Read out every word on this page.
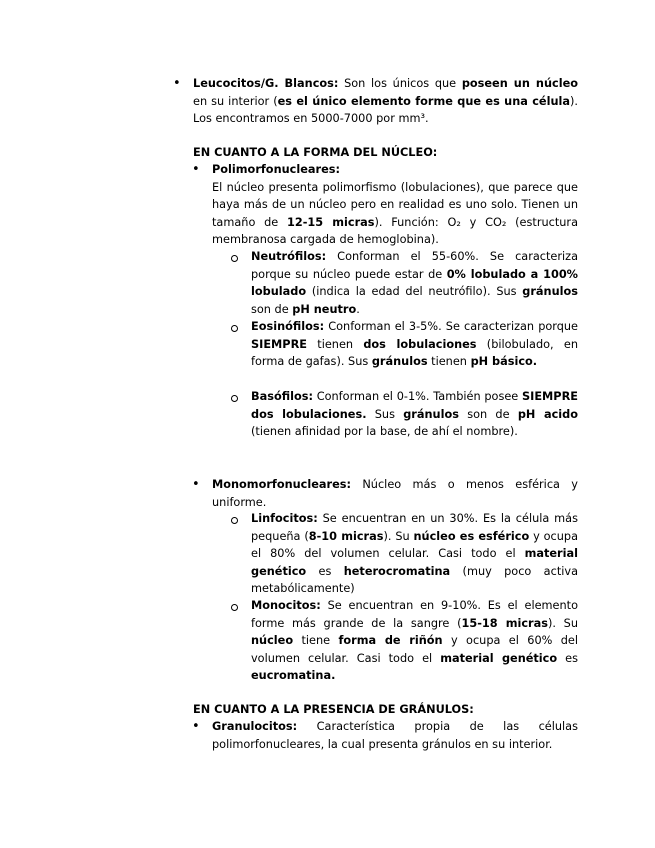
• Leucocitos/G. Blancos: Son los únicos que poseen un núcleo en su interior (es el único elemento forme que es una célula). Los encontramos en 5000-7000 por mm³.
EN CUANTO A LA FORMA DEL NÚCLEO:
• Polimorfonucleares:
El núcleo presenta polimorfismo (lobulaciones), que parece que haya más de un núcleo pero en realidad es uno solo. Tienen un tamaño de 12-15 micras). Función: O₂ y CO₂ (estructura membranosa cargada de hemoglobina).
Neutrófilos: Conforman el 55-60%. Se caracteriza porque su núcleo puede estar de 0% lobulado a 100% lobulado (indica la edad del neutrófilo). Sus gránulos son de pH neutro.
Eosinófilos: Conforman el 3-5%. Se caracterizan porque SIEMPRE tienen dos lobulaciones (bilobulado, en forma de gafas). Sus gránulos tienen pH básico.
Basófilos: Conforman el 0-1%. También posee SIEMPRE dos lobulaciones. Sus gránulos son de pH acido (tienen afinidad por la base, de ahí el nombre).
• Monomorfonucleares: Núcleo más o menos esférica y uniforme.
Linfocitos: Se encuentran en un 30%. Es la célula más pequeña (8-10 micras). Su núcleo es esférico y ocupa el 80% del volumen celular. Casi todo el material genético es heterocromatina (muy poco activa metabólicamente)
Monocitos: Se encuentran en 9-10%. Es el elemento forme más grande de la sangre (15-18 micras). Su núcleo tiene forma de riñón y ocupa el 60% del volumen celular. Casi todo el material genético es eucromatina.
EN CUANTO A LA PRESENCIA DE GRÁNULOS:
• Granulocitos: Característica propia de las células polimorfonucleares, la cual presenta gránulos en su interior.
